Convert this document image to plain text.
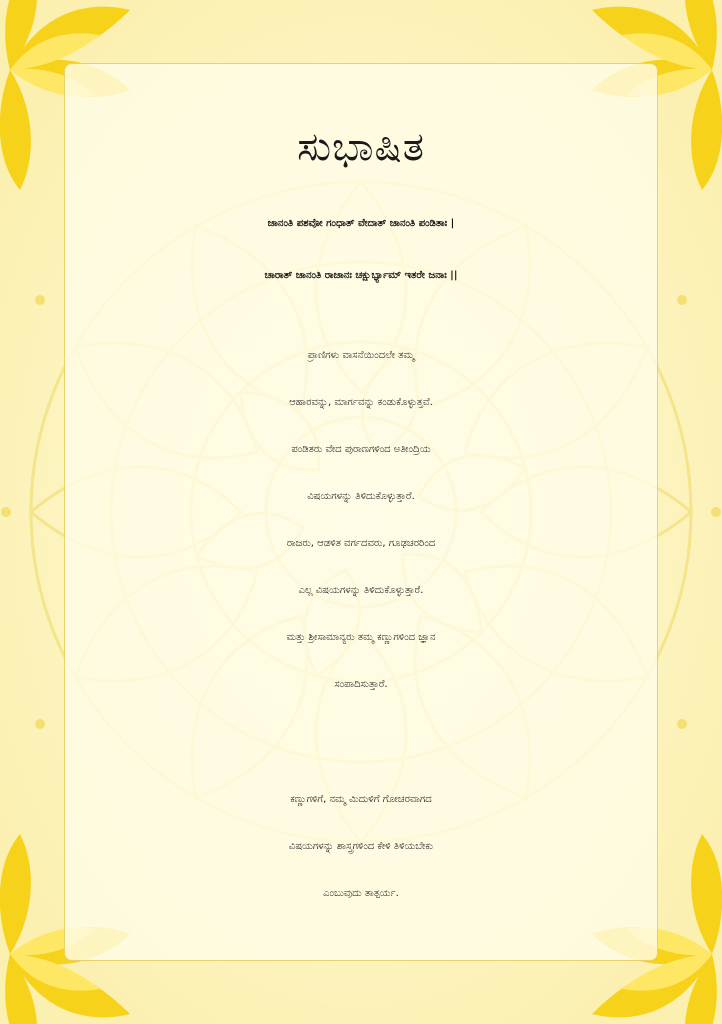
ಸುಭಾಷಿತ
ಜಾನಂತಿ ಪಶವೋ ಗಂಧಾತ್ ವೇದಾತ್ ಜಾನಂತಿ ಪಂಡಿತಾಃ |
ಚಾರಾತ್ ಜಾನಂತಿ ರಾಜಾನಃ ಚಕ್ಷುರ್ಭ್ಯಾಮ್ ಇತರೇ ಜನಾಃ ||
ಪ್ರಾಣಿಗಳು ವಾಸನೆಯಿಂದಲೇ ತಮ್ಮ
ಆಹಾರವನ್ನು, ಮಾರ್ಗವನ್ನು ಕಂಡುಕೊಳ್ಳುತ್ತವೆ.
ಪಂಡಿತರು ವೇದ ಪುರಾಣಗಳಿಂದ ಅತೀಂದ್ರಿಯ
ವಿಷಯಗಳನ್ನು ತಿಳಿದುಕೊಳ್ಳುತ್ತಾರೆ.
ರಾಜರು, ಆಡಳಿತ ವರ್ಗದವರು, ಗೂಢಚರರಿಂದ
ಎಲ್ಲ ವಿಷಯಗಳನ್ನು ತಿಳಿದುಕೊಳ್ಳುತ್ತಾರೆ.
ಮತ್ತು ಶ್ರೀಸಾಮಾನ್ಯರು ತಮ್ಮ ಕಣ್ಣುಗಳಿಂದ ಜ್ಞಾನ
ಸಂಪಾದಿಸುತ್ತಾರೆ.
ಕಣ್ಣುಗಳಿಗೆ, ನಮ್ಮ ಮಿದುಳಿಗೆ ಗೋಚರವಾಗದ
ವಿಷಯಗಳನ್ನು ಶಾಸ್ತ್ರಗಳಿಂದ ಕೇಳಿ ತಿಳಿಯಬೇಕು
ಎಂಬುವುದು ತಾತ್ಪರ್ಯ.
